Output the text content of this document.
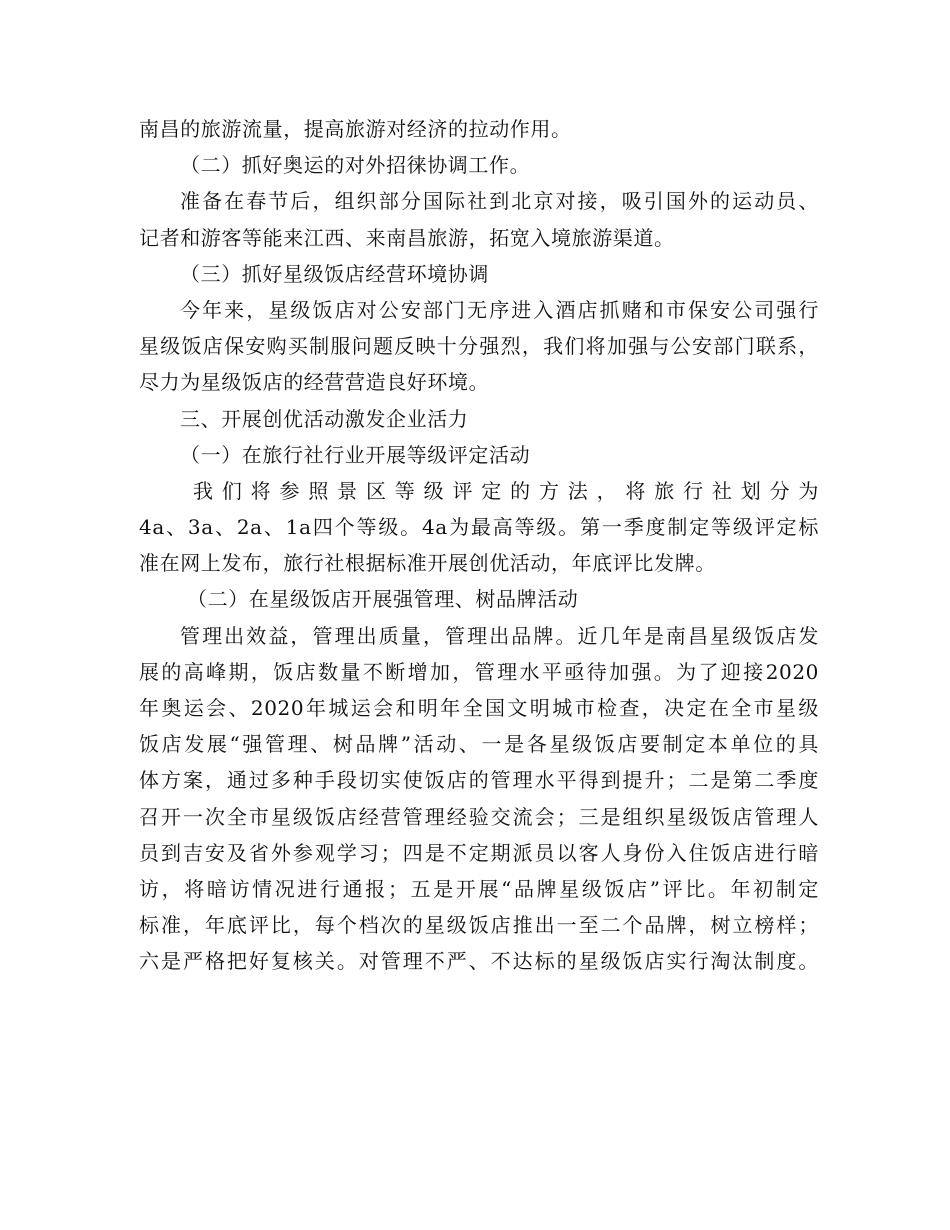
南昌的旅游流量，提高旅游对经济的拉动作用。
（二）抓好奥运的对外招徕协调工作。
准备在春节后，组织部分国际社到北京对接，吸引国外的运动员、
记者和游客等能来江西、来南昌旅游，拓宽入境旅游渠道。
（三）抓好星级饭店经营环境协调
今年来，星级饭店对公安部门无序进入酒店抓赌和市保安公司强行
星级饭店保安购买制服问题反映十分强烈，我们将加强与公安部门联系，
尽力为星级饭店的经营营造良好环境。
三、开展创优活动激发企业活力
（一）在旅行社行业开展等级评定活动
我们将参照景区等级评定的方法，将旅行社划分为
4a、3a、2a、1a四个等级。4a为最高等级。第一季度制定等级评定标
准在网上发布，旅行社根据标准开展创优活动，年底评比发牌。
（二）在星级饭店开展强管理、树品牌活动
管理出效益，管理出质量，管理出品牌。近几年是南昌星级饭店发
展的高峰期，饭店数量不断增加，管理水平亟待加强。为了迎接2020
年奥运会、2020年城运会和明年全国文明城市检查，决定在全市星级
饭店发展“强管理、树品牌”活动、一是各星级饭店要制定本单位的具
体方案，通过多种手段切实使饭店的管理水平得到提升；二是第二季度
召开一次全市星级饭店经营管理经验交流会；三是组织星级饭店管理人
员到吉安及省外参观学习；四是不定期派员以客人身份入住饭店进行暗
访，将暗访情况进行通报；五是开展“品牌星级饭店”评比。年初制定
标准，年底评比，每个档次的星级饭店推出一至二个品牌，树立榜样；
六是严格把好复核关。对管理不严、不达标的星级饭店实行淘汰制度。
